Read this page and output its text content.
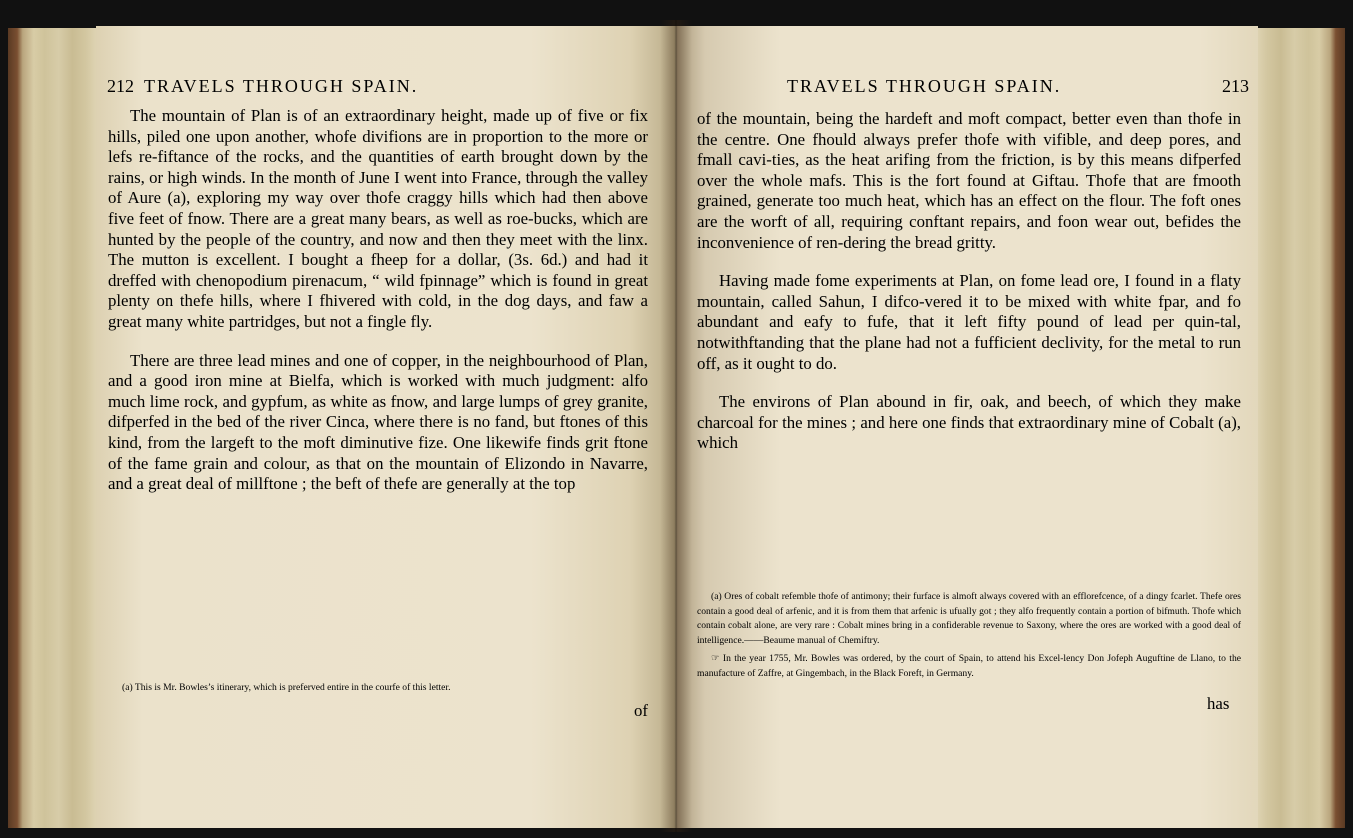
212 TRAVELS THROUGH SPAIN.

The mountain of Plan is of an extraordinary height, made up of five or fix hills, piled one upon another, whofe divifions are in proportion to the more or lefs re-fiftance of the rocks, and the quantities of earth brought down by the rains, or high winds. In the month of June I went into France, through the valley of Aure (a), exploring my way over thofe craggy hills which had then above five feet of fnow. There are a great many bears, as well as roe-bucks, which are hunted by the people of the country, and now and then they meet with the linx. The mutton is excellent. I bought a fheep for a dollar, (3s. 6d.) and had it dreffed with chenopodium pirenacum, “ wild fpinnage” which is found in great plenty on thefe hills, where I fhivered with cold, in the dog days, and faw a great many white partridges, but not a fingle fly.

There are three lead mines and one of copper, in the neighbourhood of Plan, and a good iron mine at Bielfa, which is worked with much judgment: alfo much lime rock, and gypfum, as white as fnow, and large lumps of grey granite, difperfed in the bed of the river Cinca, where there is no fand, but ftones of this kind, from the largeft to the moft diminutive fize. One likewife finds grit ftone of the fame grain and colour, as that on the mountain of Elizondo in Navarre, and a great deal of millftone ; the beft of thefe are generally at the top

(a) This is Mr. Bowles’s itinerary, which is preferved entire in the courfe of this letter.

of
TRAVELS THROUGH SPAIN.	213

of the mountain, being the hardeft and moft compact, better even than thofe in the centre. One fhould always prefer thofe with vifible, and deep pores, and fmall cavi-ties, as the heat arifing from the friction, is by this means difperfed over the whole mafs. This is the fort found at Giftau. Thofe that are fmooth grained, generate too much heat, which has an effect on the flour. The foft ones are the worft of all, requiring conftant repairs, and foon wear out, befides the inconvenience of ren-dering the bread gritty.

Having made fome experiments at Plan, on fome lead ore, I found in a flaty mountain, called Sahun, I difco-vered it to be mixed with white fpar, and fo abundant and eafy to fufe, that it left fifty pound of lead per quin-tal, notwithftanding that the plane had not a fufficient declivity, for the metal to run off, as it ought to do.

The environs of Plan abound in fir, oak, and beech, of which they make charcoal for the mines ; and here one finds that extraordinary mine of Cobalt (a), which

(a) Ores of cobalt refemble thofe of antimony; their furface is almoft always covered with an efflorefcence, of a dingy fcarlet. Thefe ores contain a good deal of arfenic, and it is from them that arfenic is ufually got ; they alfo frequently contain a portion of bifmuth. Thofe which contain cobalt alone, are very rare : Cobalt mines bring in a confiderable revenue to Saxony, where the ores are worked with a good deal of intelligence.——Beaume manual of Chemiftry.

☞ In the year 1755, Mr. Bowles was ordered, by the court of Spain, to attend his Excel-lency Don Jofeph Auguftine de Llano, to the manufacture of Zaffre, at Gingembach, in the Black Foreft, in Germany.

has
